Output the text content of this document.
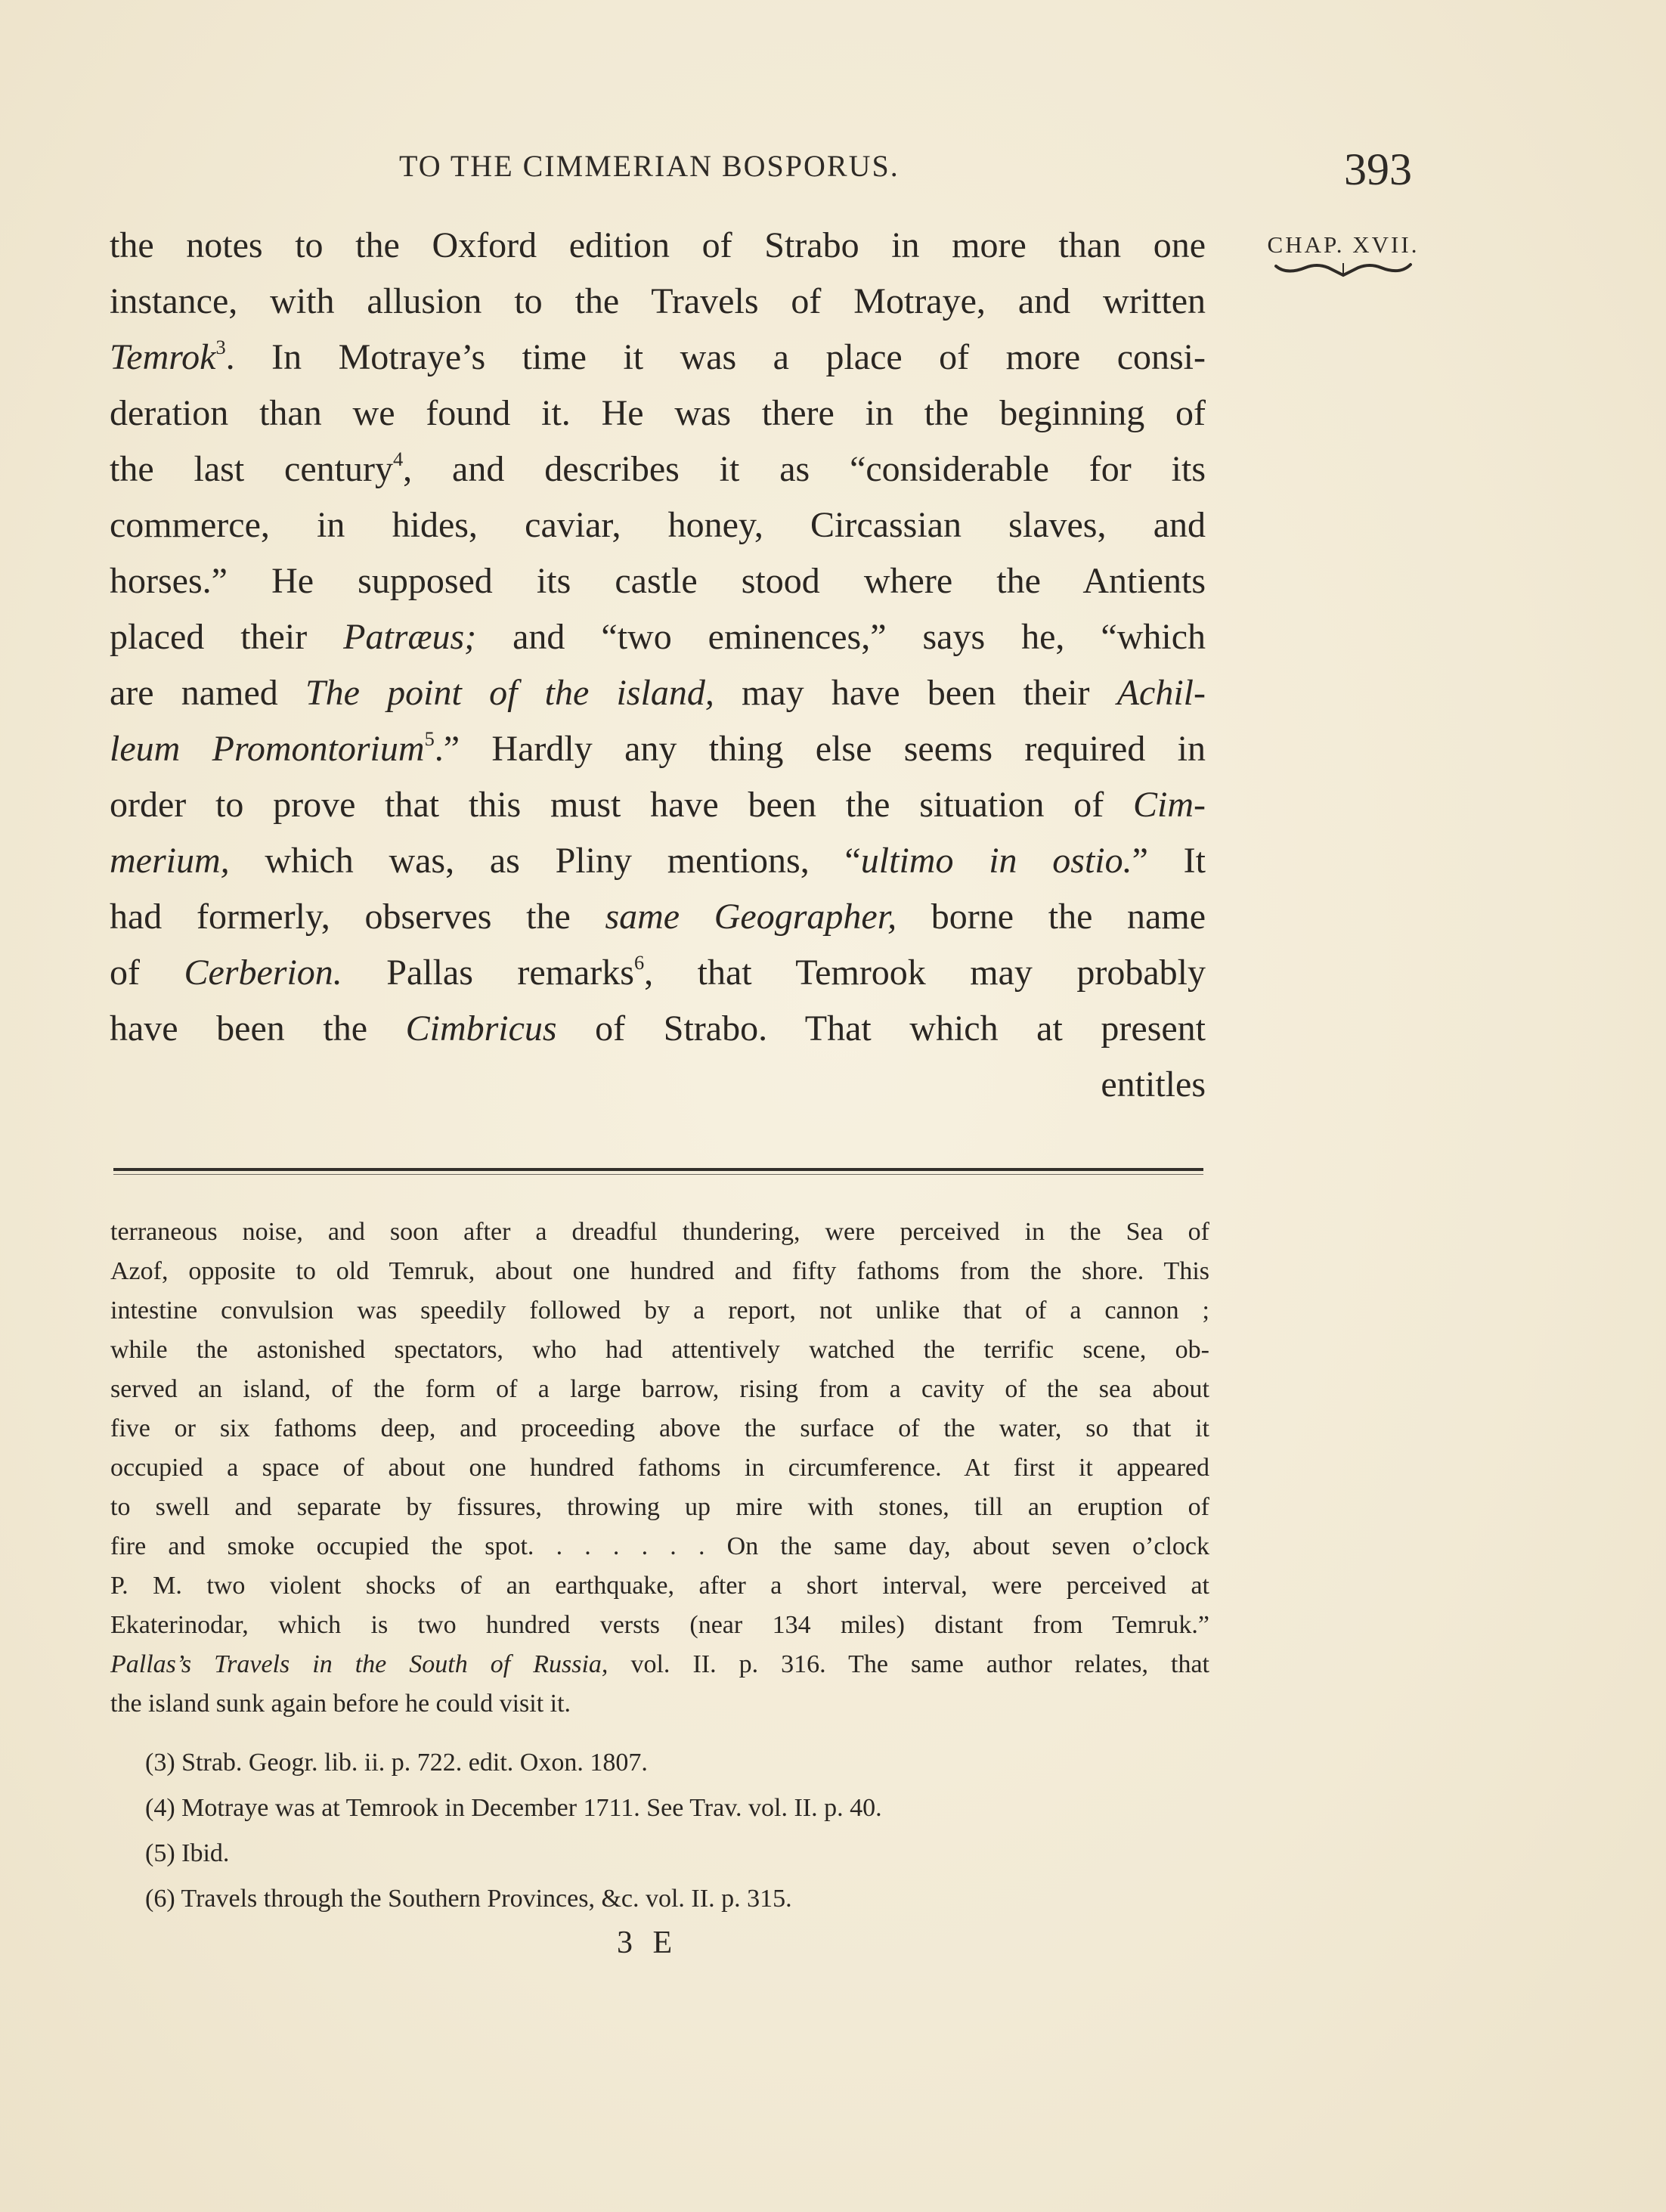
TO THE CIMMERIAN BOSPORUS.	393
CHAP. XVII.
the notes to the Oxford edition of Strabo in more than one
instance, with allusion to the Travels of Motraye, and written
Temrok$^3$. In Motraye’s time it was a place of more consi-
deration than we found it. He was there in the beginning of
the last century$^4$, and describes it as “considerable for its
commerce, in hides, caviar, honey, Circassian slaves, and
horses.” He supposed its castle stood where the Antients
placed their Patræus; and “two eminences,” says he, “which
are named The point of the island, may have been their Achil-
leum Promontorium$^5$.” Hardly any thing else seems required in
order to prove that this must have been the situation of Cim-
merium, which was, as Pliny mentions, “ultimo in ostio.” It
had formerly, observes the same Geographer, borne the name
of Cerberion. Pallas remarks$^6$, that Temrook may probably
have been the Cimbricus of Strabo. That which at present
entitles
terraneous noise, and soon after a dreadful thundering, were perceived in the Sea of
Azof, opposite to old Temruk, about one hundred and fifty fathoms from the shore. This
intestine convulsion was speedily followed by a report, not unlike that of a cannon ;
while the astonished spectators, who had attentively watched the terrific scene, ob-
served an island, of the form of a large barrow, rising from a cavity of the sea about
five or six fathoms deep, and proceeding above the surface of the water, so that it
occupied a space of about one hundred fathoms in circumference. At first it appeared
to swell and separate by fissures, throwing up mire with stones, till an eruption of
fire and smoke occupied the spot. . . . . . . On the same day, about seven o’clock
P. M. two violent shocks of an earthquake, after a short interval, were perceived at
Ekaterinodar, which is two hundred versts (near 134 miles) distant from Temruk.”
Pallas’s Travels in the South of Russia, vol. II. p. 316. The same author relates, that
the island sunk again before he could visit it.
(3) Strab. Geogr. lib. ii. p. 722. edit. Oxon. 1807.
(4) Motraye was at Temrook in December 1711. See Trav. vol. II. p. 40.
(5) Ibid.
(6) Travels through the Southern Provinces, &c. vol. II. p. 315.
3 E
